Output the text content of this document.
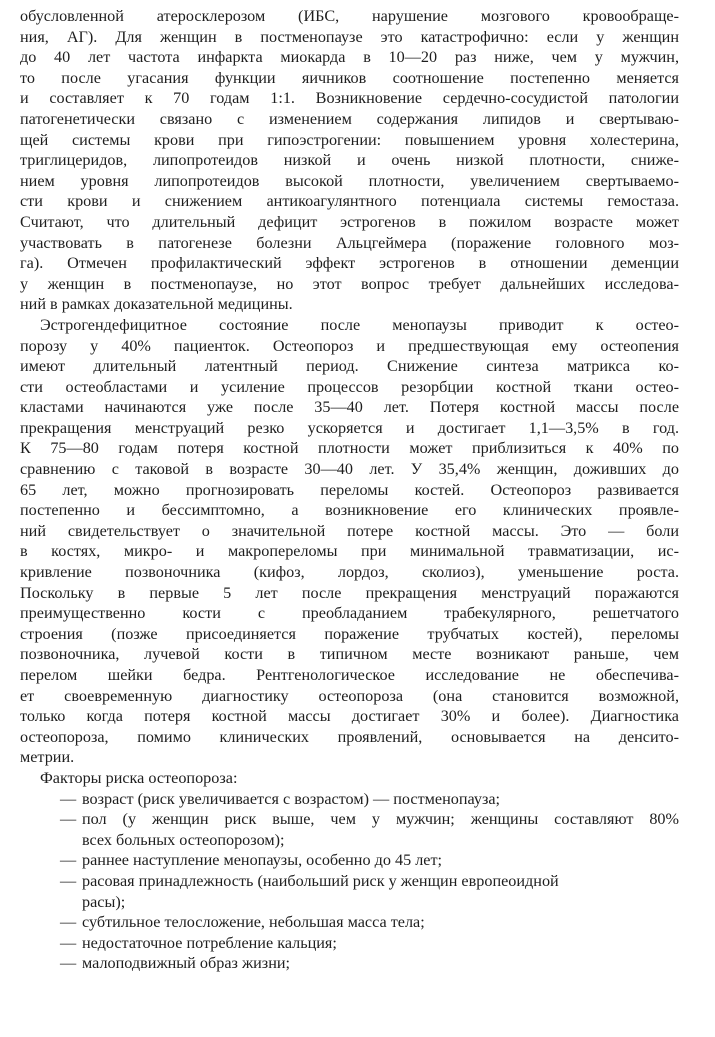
обусловленной атеросклерозом (ИБС, нарушение мозгового кровообраще-
ния, АГ). Для женщин в постменопаузе это катастрофично: если у женщин
до 40 лет частота инфаркта миокарда в 10—20 раз ниже, чем у мужчин,
то после угасания функции яичников соотношение постепенно меняется
и составляет к 70 годам 1:1. Возникновение сердечно-сосудистой патологии
патогенетически связано с изменением содержания липидов и свертываю-
щей системы крови при гипоэстрогении: повышением уровня холестерина,
триглицеридов, липопротеидов низкой и очень низкой плотности, сниже-
нием уровня липопротеидов высокой плотности, увеличением свертываемо-
сти крови и снижением антикоагулянтного потенциала системы гемостаза.
Считают, что длительный дефицит эстрогенов в пожилом возрасте может
участвовать в патогенезе болезни Альцгеймера (поражение головного моз-
га). Отмечен профилактический эффект эстрогенов в отношении деменции
у женщин в постменопаузе, но этот вопрос требует дальнейших исследова-
ний в рамках доказательной медицины.
Эстрогендефицитное состояние после менопаузы приводит к остео-
порозу у 40% пациенток. Остеопороз и предшествующая ему остеопения
имеют длительный латентный период. Снижение синтеза матрикса ко-
сти остеобластами и усиление процессов резорбции костной ткани остео-
кластами начинаются уже после 35—40 лет. Потеря костной массы после
прекращения менструаций резко ускоряется и достигает 1,1—3,5% в год.
К 75—80 годам потеря костной плотности может приблизиться к 40% по
сравнению с таковой в возрасте 30—40 лет. У 35,4% женщин, доживших до
65 лет, можно прогнозировать переломы костей. Остеопороз развивается
постепенно и бессимптомно, а возникновение его клинических проявле-
ний свидетельствует о значительной потере костной массы. Это — боли
в костях, микро- и макропереломы при минимальной травматизации, ис-
кривление позвоночника (кифоз, лордоз, сколиоз), уменьшение роста.
Поскольку в первые 5 лет после прекращения менструаций поражаются
преимущественно кости с преобладанием трабекулярного, решетчатого
строения (позже присоединяется поражение трубчатых костей), переломы
позвоночника, лучевой кости в типичном месте возникают раньше, чем
перелом шейки бедра. Рентгенологическое исследование не обеспечива-
ет своевременную диагностику остеопороза (она становится возможной,
только когда потеря костной массы достигает 30% и более). Диагностика
остеопороза, помимо клинических проявлений, основывается на денсито-
метрии.
Факторы риска остеопороза:
— возраст (риск увеличивается с возрастом) — постменопауза;
— пол (у женщин риск выше, чем у мужчин; женщины составляют 80%
всех больных остеопорозом);
— раннее наступление менопаузы, особенно до 45 лет;
— расовая принадлежность (наибольший риск у женщин европеоидной
расы);
— субтильное телосложение, небольшая масса тела;
— недостаточное потребление кальция;
— малоподвижный образ жизни;
